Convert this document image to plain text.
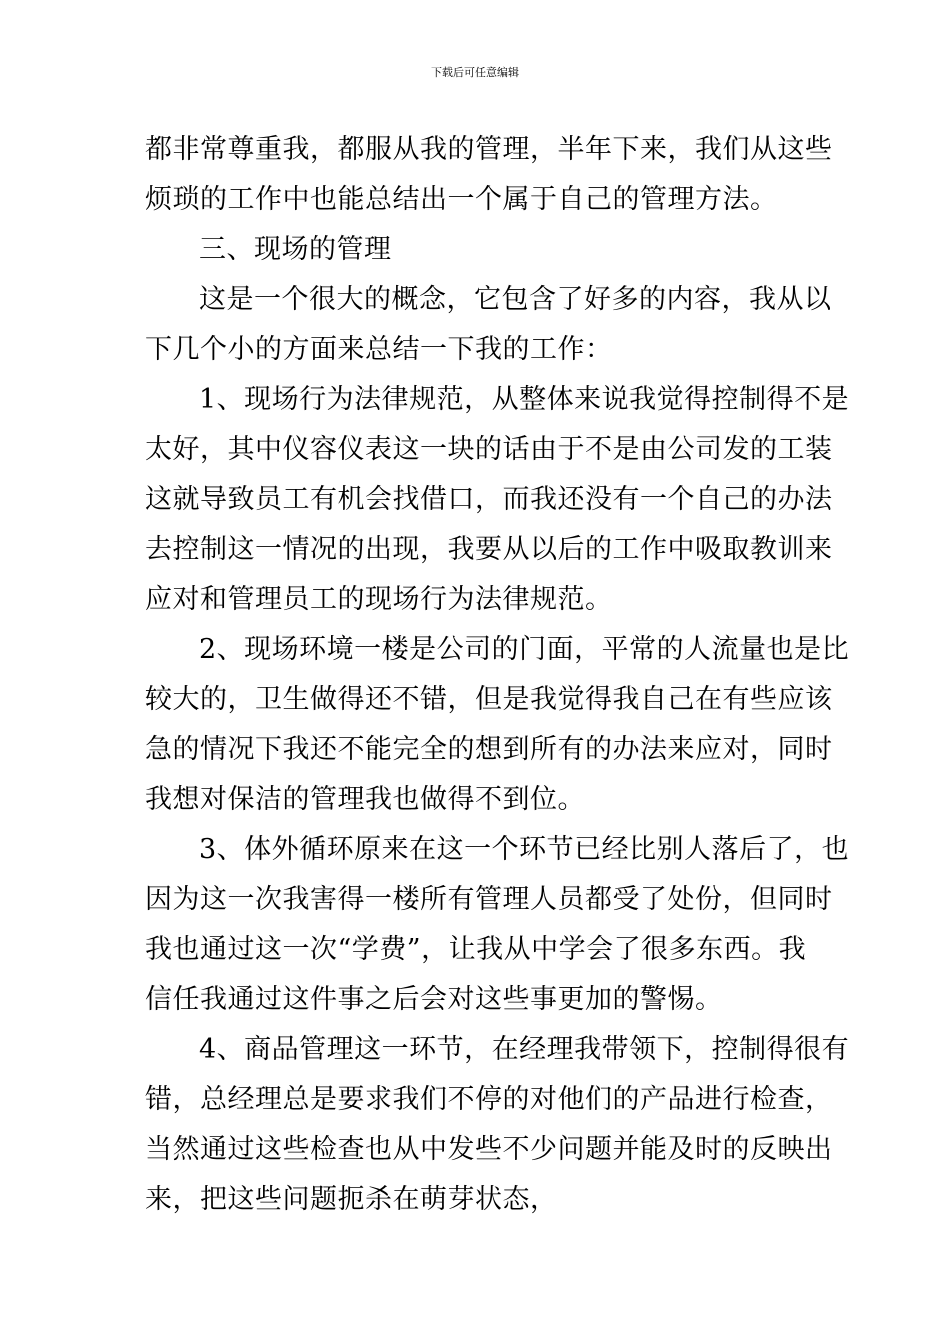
下载后可任意编辑

都非常尊重我，都服从我的管理，半年下来，我们从这些

烦琐的工作中也能总结出一个属于自己的管理方法。

三、现场的管理

这是一个很大的概念，它包含了好多的内容，我从以

下几个小的方面来总结一下我的工作：

1、现场行为法律规范，从整体来说我觉得控制得不是

太好，其中仪容仪表这一块的话由于不是由公司发的工装

这就导致员工有机会找借口，而我还没有一个自己的办法

去控制这一情况的出现，我要从以后的工作中吸取教训来

应对和管理员工的现场行为法律规范。

2、现场环境一楼是公司的门面，平常的人流量也是比

较大的，卫生做得还不错，但是我觉得我自己在有些应该

急的情况下我还不能完全的想到所有的办法来应对，同时

我想对保洁的管理我也做得不到位。

3、体外循环原来在这一个环节已经比别人落后了，也

因为这一次我害得一楼所有管理人员都受了处份，但同时

我也通过这一次“学费”，让我从中学会了很多东西。我

信任我通过这件事之后会对这些事更加的警惕。

4、商品管理这一环节，在经理我带领下，控制得很有

错，总经理总是要求我们不停的对他们的产品进行检查，

当然通过这些检查也从中发些不少问题并能及时的反映出

来，把这些问题扼杀在萌芽状态，
